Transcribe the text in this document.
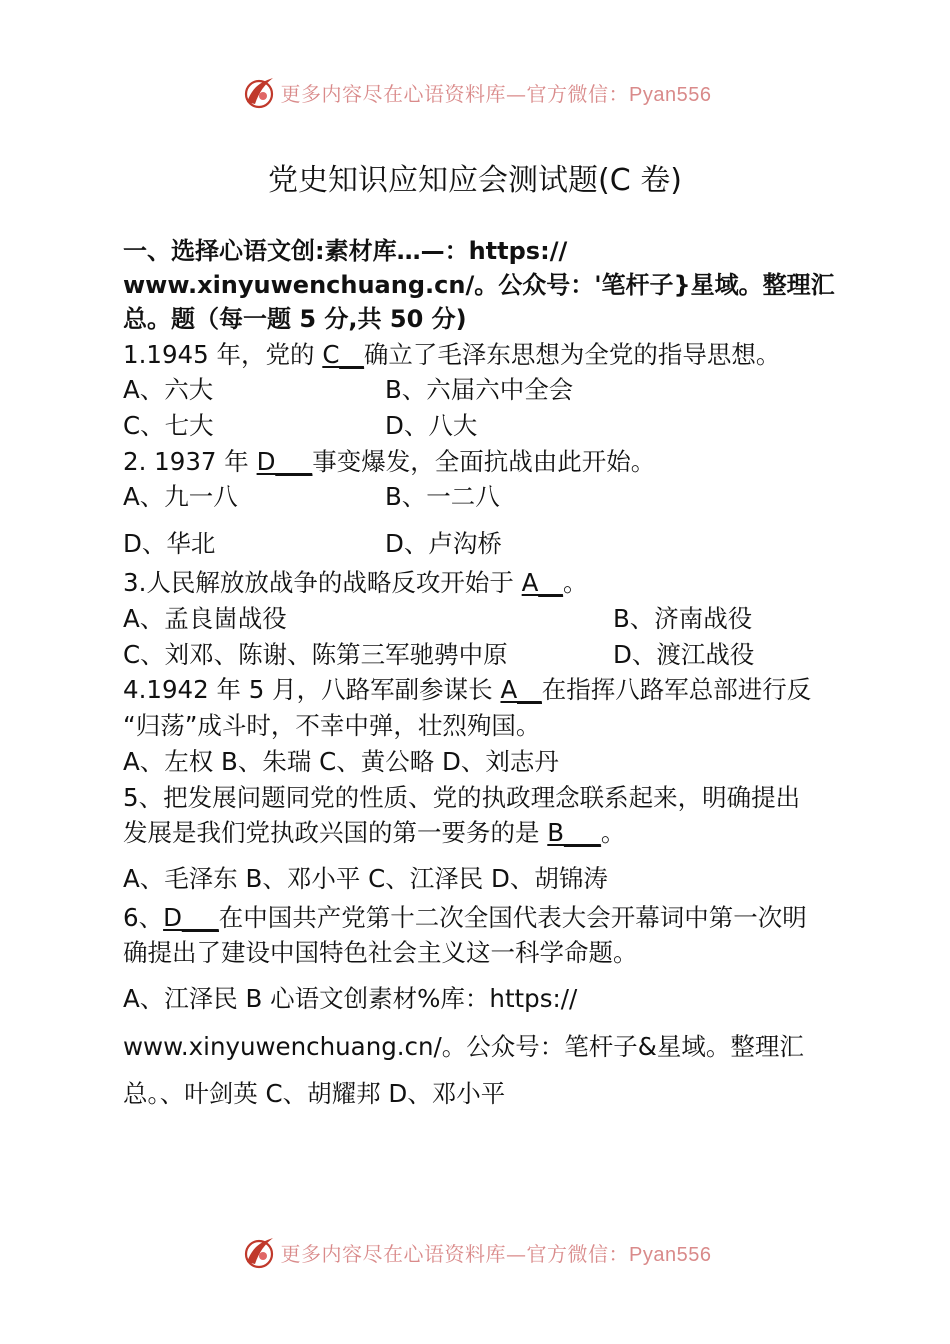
更多内容尽在心语资料库—官方微信：Pyan556
党史知识应知应会测试题(C 卷)
一、选择心语文创:素材库…—：https://
www.xinyuwenchuang.cn/。公众号：'笔杆子}星域。整理汇
总。题（每一题 5 分,共 50 分)
1.1945 年，党的 C__确立了毛泽东思想为全党的指导思想。
A、六大	B、六届六中全会
C、七大	D、八大
2. 1937 年 D___事变爆发，全面抗战由此开始。
A、九一八	B、一二八
D、华北	D、卢沟桥
3.人民解放放战争的战略反攻开始于 A__。
A、孟良崮战役	B、济南战役
C、刘邓、陈谢、陈第三军驰骋中原	D、渡江战役
4.1942 年 5 月，八路军副参谋长 A__在指挥八路军总部进行反
“归荡”成斗时，不幸中弹，壮烈殉国。
A、左权 B、朱瑞 C、黄公略 D、刘志丹
5、把发展问题同党的性质、党的执政理念联系起来，明确提出
发展是我们党执政兴国的第一要务的是 B___。
A、毛泽东 B、邓小平 C、江泽民 D、胡锦涛
6、D___在中国共产党第十二次全国代表大会开幕词中第一次明
确提出了建设中国特色社会主义这一科学命题。
A、江泽民 B 心语文创素材%库：https://
www.xinyuwenchuang.cn/。公众号：笔杆子&星域。整理汇
总。、叶剑英 C、胡耀邦 D、邓小平
更多内容尽在心语资料库—官方微信：Pyan556
